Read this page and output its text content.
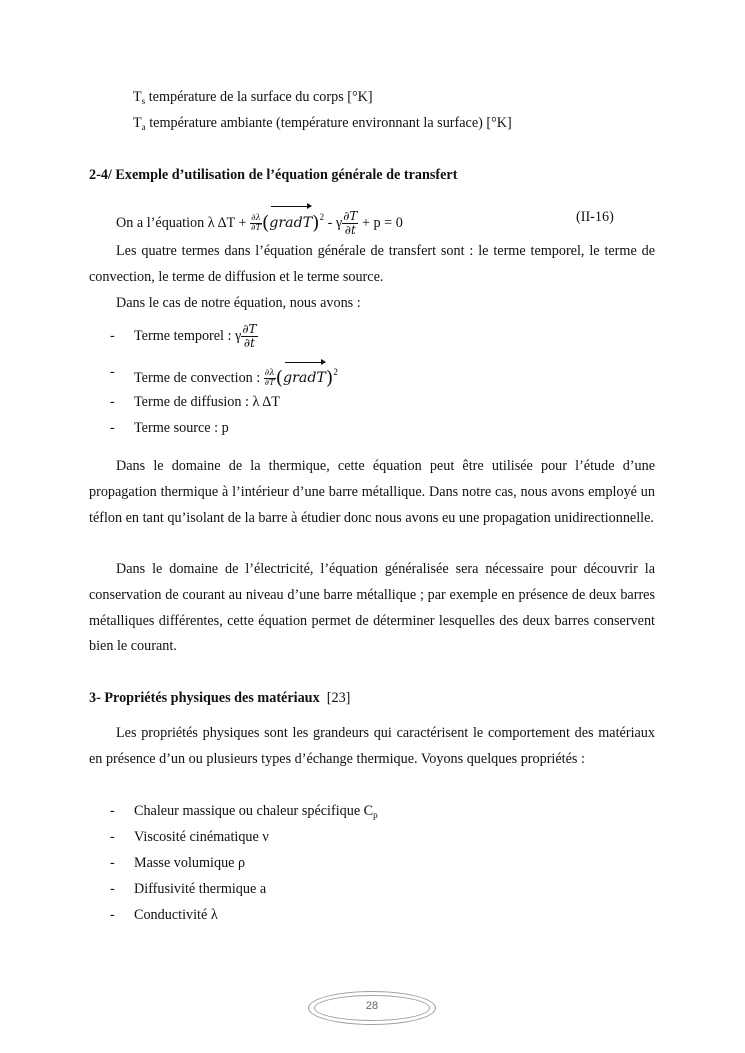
$T_s$ température de la surface du corps [°K]
$T_a$ température ambiante (température environnant la surface) [°K]
2-4/ Exemple d’utilisation de l’équation générale de transfert
On a l’équation λ $\Delta T + \frac{\partial\lambda}{\partial T}$ (gradT)$^2$ - γ $\frac{\partial T}{\partial t} + p = 0$	(II-16)

Les quatre termes dans l’équation générale de transfert sont : le terme temporel, le terme de convection, le terme de diffusion et le terme source.

Dans le cas de notre équation, nous avons :

- Terme temporel : γ $\frac{\partial T}{\partial t}$
- Terme de convection : $\frac{\partial\lambda}{\partial T}$ (gradT)$^2$
- Terme de diffusion : λ ΔT
- Terme source : p

Dans le domaine de la thermique, cette équation peut être utilisée pour l’étude d’une propagation thermique à l’intérieur d’une barre métallique. Dans notre cas, nous avons employé un téflon en tant qu’isolant de la barre à étudier donc nous avons eu une propagation unidirectionnelle.

Dans le domaine de l’électricité, l’équation généralisée sera nécessaire pour découvrir la conservation de courant au niveau d’une barre métallique ; par exemple en présence de deux barres métalliques différentes, cette équation permet de déterminer lesquelles des deux barres conservent bien le courant.

3- Propriétés physiques des matériaux [23]

Les propriétés physiques sont les grandeurs qui caractérisent le comportement des matériaux en présence d’un ou plusieurs types d’échange thermique. Voyons quelques propriétés :

- Chaleur massique ou chaleur spécifique $C_p$
- Viscosité cinématique ν
- Masse volumique ρ
- Diffusivité thermique a
- Conductivité λ
28
